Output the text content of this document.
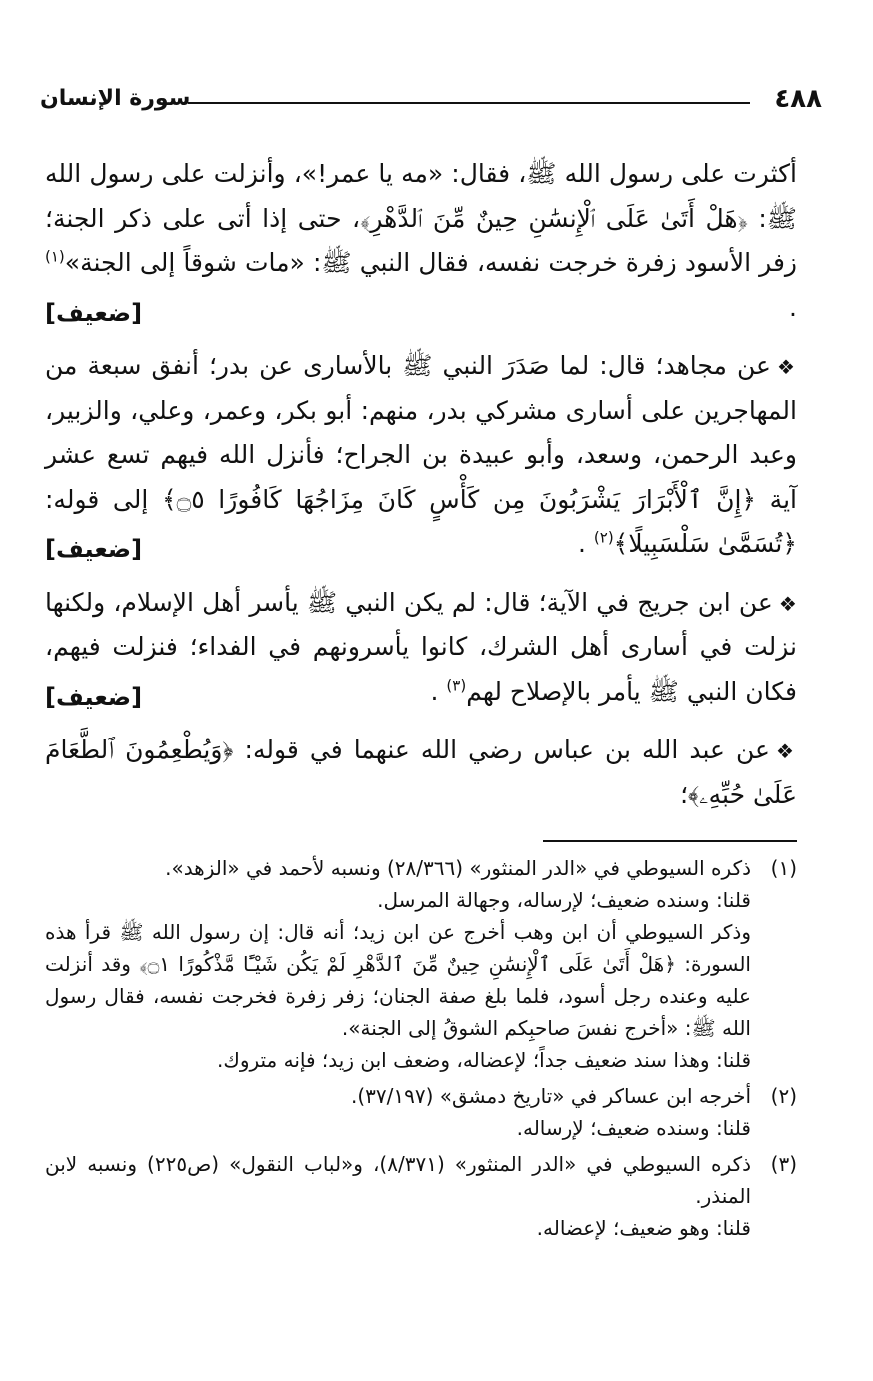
٤٨٨
سورة الإنسان

أكثرت على رسول الله ﷺ، فقال: «مه يا عمر!»، وأنزلت على رسول الله ﷺ: ﴿هَلْ أَتَىٰ عَلَى ٱلْإِنسَٰنِ حِينٌ مِّنَ ٱلدَّهْرِ﴾، حتى إذا أتى على ذكر الجنة؛ زفر الأسود زفرة خرجت نفسه، فقال النبي ﷺ: «مات شوقاً إلى الجنة»$^{(١)}$ .
[ضعيف]

❖عن مجاهد؛ قال: لما صَدَرَ النبي ﷺ بالأسارى عن بدر؛ أنفق سبعة من المهاجرين على أسارى مشركي بدر، منهم: أبو بكر، وعمر، وعلي، والزبير، وعبد الرحمن، وسعد، وأبو عبيدة بن الجراح؛ فأنزل الله فيهم تسع عشر آية ﴿إِنَّ ٱلْأَبْرَارَ يَشْرَبُونَ مِن كَأْسٍ كَانَ مِزَاجُهَا كَافُورًا ۝٥﴾ إلى قوله: ﴿تُسَمَّىٰ سَلْسَبِيلًا﴾$^{(٢)}$ .
[ضعيف]

❖عن ابن جريج في الآية؛ قال: لم يكن النبي ﷺ يأسر أهل الإسلام، ولكنها نزلت في أسارى أهل الشرك، كانوا يأسرونهم في الفداء؛ فنزلت فيهم، فكان النبي ﷺ يأمر بالإصلاح لهم$^{(٣)}$ .
[ضعيف]

❖عن عبد الله بن عباس رضي الله عنهما في قوله: ﴿وَيُطْعِمُونَ ٱلطَّعَامَ عَلَىٰ حُبِّهِۦ﴾؛

(١)
ذكره السيوطي في «الدر المنثور» (٢٨/٣٦٦) ونسبه لأحمد في «الزهد».
قلنا: وسنده ضعيف؛ لإرساله، وجهالة المرسل.
وذكر السيوطي أن ابن وهب أخرج عن ابن زيد؛ أنه قال: إن رسول الله ﷺ قرأ هذه السورة: ﴿هَلْ أَتَىٰ عَلَى ٱلْإِنسَٰنِ حِينٌ مِّنَ ٱلدَّهْرِ لَمْ يَكُن شَيْـًٔا مَّذْكُورًا ۝١﴾ وقد أنزلت عليه وعنده رجل أسود، فلما بلغ صفة الجنان؛ زفر زفرة فخرجت نفسه، فقال رسول الله ﷺ: «أخرج نفسَ صاحبِكم الشوقُ إلى الجنة».
قلنا: وهذا سند ضعيف جداً؛ لإعضاله، وضعف ابن زيد؛ فإنه متروك.
(٢)
أخرجه ابن عساكر في «تاريخ دمشق» (٣٧/١٩٧).
قلنا: وسنده ضعيف؛ لإرساله.
(٣)
ذكره السيوطي في «الدر المنثور» (٨/٣٧١)، و«لباب النقول» (ص٢٢٥) ونسبه لابن المنذر.
قلنا: وهو ضعيف؛ لإعضاله.
